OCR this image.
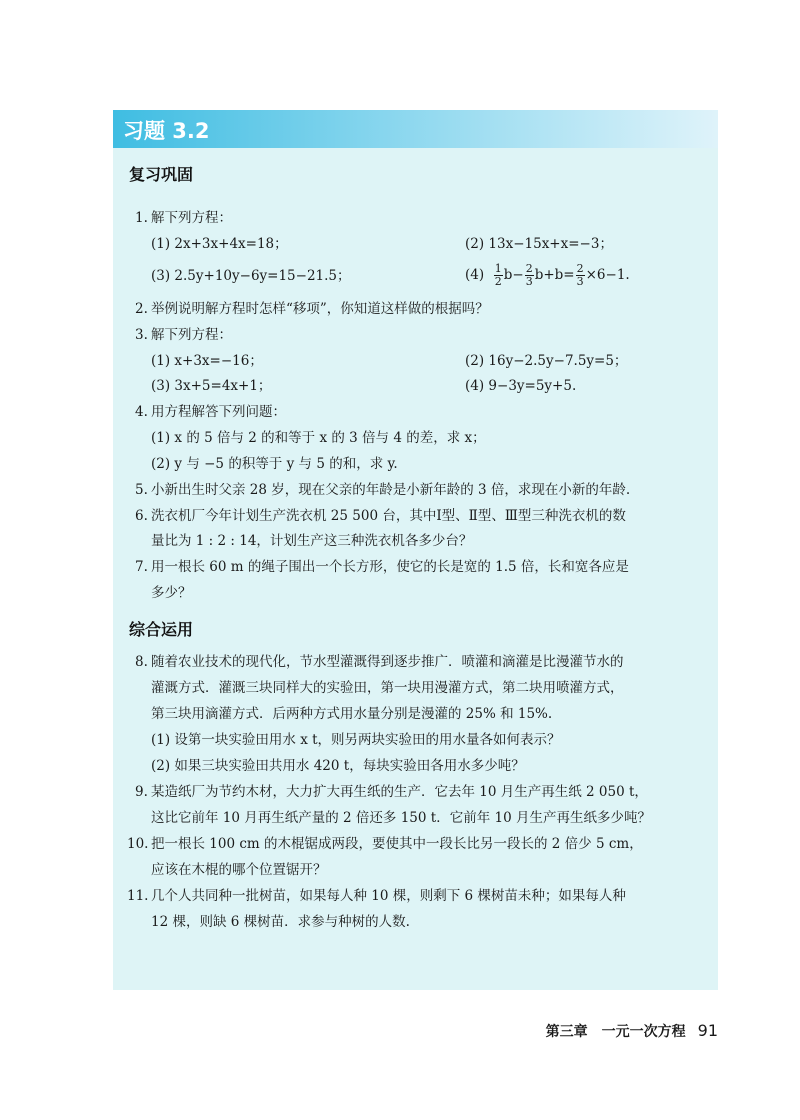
习题 3.2
复习巩固
1. 解下列方程：
(1) 2x+3x+4x=18；	(2) 13x−15x+x=−3；
(3) 2.5y+10y−6y=15−21.5；	$(4) \frac{1}{2} b- \frac{2}{3} b+b= \frac{2}{3} \times 6-1$.
2. 举例说明解方程时怎样“移项”，你知道这样做的根据吗？
3. 解下列方程：
(1) x+3x=−16；	(2) 16y−2.5y−7.5y=5；
(3) 3x+5=4x+1；	(4) 9−3y=5y+5.
4. 用方程解答下列问题：
(1) x 的 5 倍与 2 的和等于 x 的 3 倍与 4 的差，求 x；
(2) y 与 −5 的积等于 y 与 5 的和，求 y.
5. 小新出生时父亲 28 岁，现在父亲的年龄是小新年龄的 3 倍，求现在小新的年龄.
6. 洗衣机厂今年计划生产洗衣机 25 500 台，其中Ⅰ型、Ⅱ型、Ⅲ型三种洗衣机的数
量比为 1 : 2 : 14，计划生产这三种洗衣机各多少台？
7. 用一根长 60 m 的绳子围出一个长方形，使它的长是宽的 1.5 倍，长和宽各应是
多少？
综合运用
8. 随着农业技术的现代化，节水型灌溉得到逐步推广．喷灌和滴灌是比漫灌节水的
灌溉方式．灌溉三块同样大的实验田，第一块用漫灌方式，第二块用喷灌方式，
第三块用滴灌方式．后两种方式用水量分别是漫灌的 25% 和 15%.
(1) 设第一块实验田用水 x t，则另两块实验田的用水量各如何表示？
(2) 如果三块实验田共用水 420 t，每块实验田各用水多少吨？
9. 某造纸厂为节约木材，大力扩大再生纸的生产．它去年 10 月生产再生纸 2 050 t，
这比它前年 10 月再生纸产量的 2 倍还多 150 t．它前年 10 月生产再生纸多少吨？
10. 把一根长 100 cm 的木棍锯成两段，要使其中一段长比另一段长的 2 倍少 5 cm，
应该在木棍的哪个位置锯开？
11. 几个人共同种一批树苗，如果每人种 10 棵，则剩下 6 棵树苗未种；如果每人种
12 棵，则缺 6 棵树苗．求参与种树的人数.
第三章　一元一次方程 91
